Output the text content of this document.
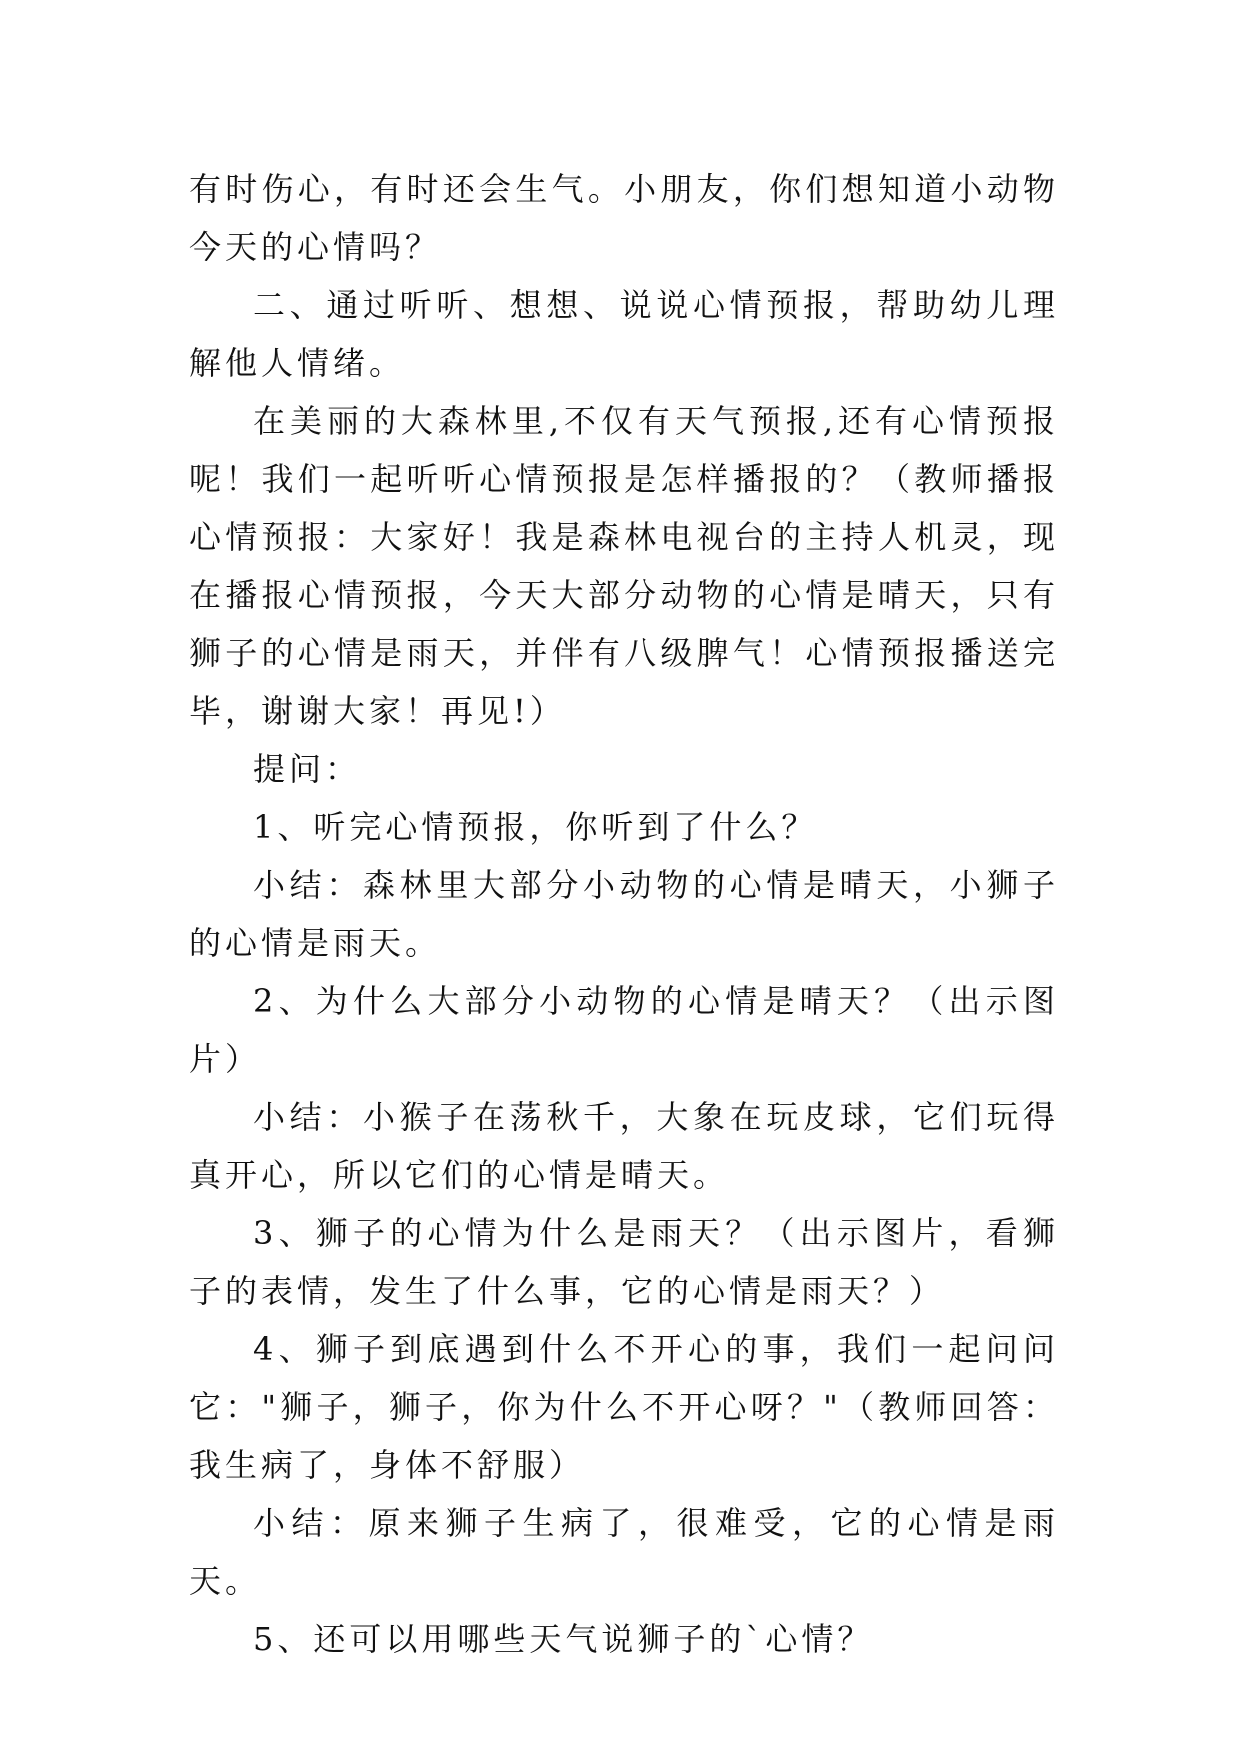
有时伤心，有时还会生气。小朋友，你们想知道小动物今天的心情吗？

二、通过听听、想想、说说心情预报，帮助幼儿理解他人情绪。

在美丽的大森林里,不仅有天气预报,还有心情预报呢！我们一起听听心情预报是怎样播报的？（教师播报心情预报：大家好！我是森林电视台的主持人机灵，现在播报心情预报，今天大部分动物的心情是晴天，只有狮子的心情是雨天，并伴有八级脾气！心情预报播送完毕，谢谢大家！再见!）

提问：

1、听完心情预报，你听到了什么？

小结：森林里大部分小动物的心情是晴天，小狮子的心情是雨天。

2、为什么大部分小动物的心情是晴天？（出示图片）

小结：小猴子在荡秋千，大象在玩皮球，它们玩得真开心，所以它们的心情是晴天。

3、狮子的心情为什么是雨天？（出示图片，看狮子的表情，发生了什么事，它的心情是雨天？）

4、狮子到底遇到什么不开心的事，我们一起问问它："狮子，狮子，你为什么不开心呀？"（教师回答：我生病了，身体不舒服）

小结：原来狮子生病了，很难受，它的心情是雨天。

5、还可以用哪些天气说狮子的`心情？
